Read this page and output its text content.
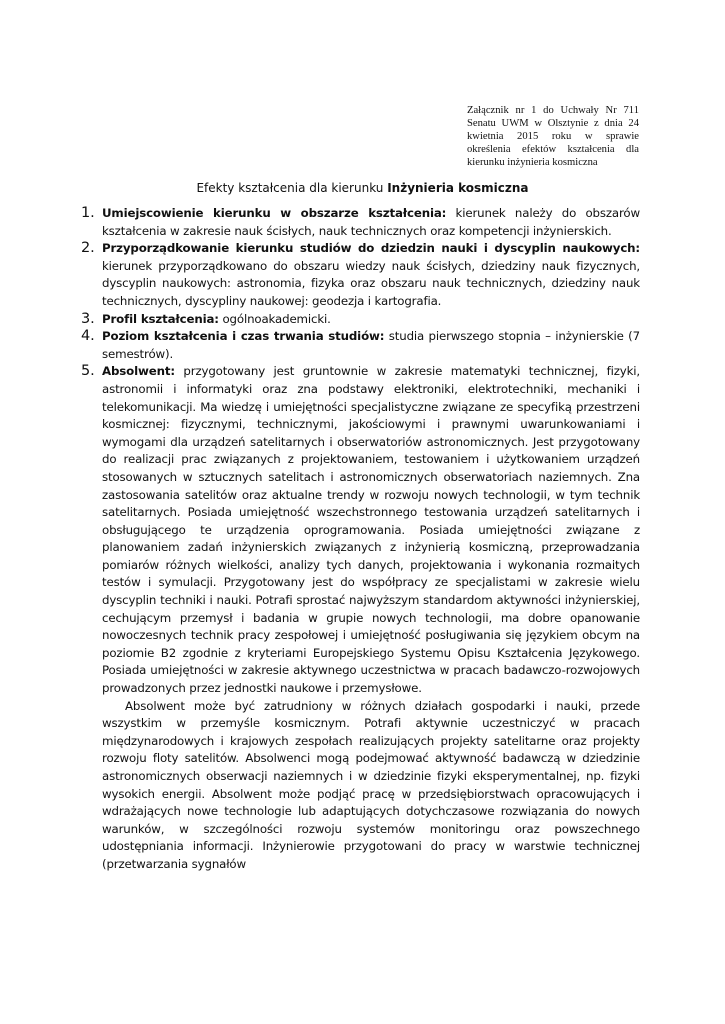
Załącznik nr 1 do Uchwały Nr 711 Senatu UWM w Olsztynie z dnia 24 kwietnia 2015 roku w sprawie określenia efektów kształcenia dla kierunku inżynieria kosmiczna
Efekty kształcenia dla kierunku Inżynieria kosmiczna
1. Umiejscowienie kierunku w obszarze kształcenia: kierunek należy do obszarów kształcenia w zakresie nauk ścisłych, nauk technicznych oraz kompetencji inżynierskich.
2. Przyporządkowanie kierunku studiów do dziedzin nauki i dyscyplin naukowych: kierunek przyporządkowano do obszaru wiedzy nauk ścisłych, dziedziny nauk fizycznych, dyscyplin naukowych: astronomia, fizyka oraz obszaru nauk technicznych, dziedziny nauk technicznych, dyscypliny naukowej: geodezja i kartografia.
3. Profil kształcenia: ogólnoakademicki.
4. Poziom kształcenia i czas trwania studiów: studia pierwszego stopnia – inżynierskie (7 semestrów).
5. Absolwent: przygotowany jest gruntownie w zakresie matematyki technicznej, fizyki, astronomii i informatyki oraz zna podstawy elektroniki, elektrotechniki, mechaniki i telekomunikacji. Ma wiedzę i umiejętności specjalistyczne związane ze specyfiką przestrzeni kosmicznej: fizycznymi, technicznymi, jakościowymi i prawnymi uwarunkowaniami i wymogami dla urządzeń satelitarnych i obserwatoriów astronomicznych. Jest przygotowany do realizacji prac związanych z projektowaniem, testowaniem i użytkowaniem urządzeń stosowanych w sztucznych satelitach i astronomicznych obserwatoriach naziemnych. Zna zastosowania satelitów oraz aktualne trendy w rozwoju nowych technologii, w tym technik satelitarnych. Posiada umiejętność wszechstronnego testowania urządzeń satelitarnych i obsługującego te urządzenia oprogramowania. Posiada umiejętności związane z planowaniem zadań inżynierskich związanych z inżynierią kosmiczną, przeprowadzania pomiarów różnych wielkości, analizy tych danych, projektowania i wykonania rozmaitych testów i symulacji. Przygotowany jest do współpracy ze specjalistami w zakresie wielu dyscyplin techniki i nauki. Potrafi sprostać najwyższym standardom aktywności inżynierskiej, cechującym przemysł i badania w grupie nowych technologii, ma dobre opanowanie nowoczesnych technik pracy zespołowej i umiejętność posługiwania się językiem obcym na poziomie B2 zgodnie z kryteriami Europejskiego Systemu Opisu Kształcenia Językowego. Posiada umiejętności w zakresie aktywnego uczestnictwa w pracach badawczo-rozwojowych prowadzonych przez jednostki naukowe i przemysłowe.

Absolwent może być zatrudniony w różnych działach gospodarki i nauki, przede wszystkim w przemyśle kosmicznym. Potrafi aktywnie uczestniczyć w pracach międzynarodowych i krajowych zespołach realizujących projekty satelitarne oraz projekty rozwoju floty satelitów. Absolwenci mogą podejmować aktywność badawczą w dziedzinie astronomicznych obserwacji naziemnych i w dziedzinie fizyki eksperymentalnej, np. fizyki wysokich energii. Absolwent może podjąć pracę w przedsiębiorstwach opracowujących i wdrażających nowe technologie lub adaptujących dotychczasowe rozwiązania do nowych warunków, w szczególności rozwoju systemów monitoringu oraz powszechnego udostępniania informacji. Inżynierowie przygotowani do pracy w warstwie technicznej (przetwarzania sygnałów
